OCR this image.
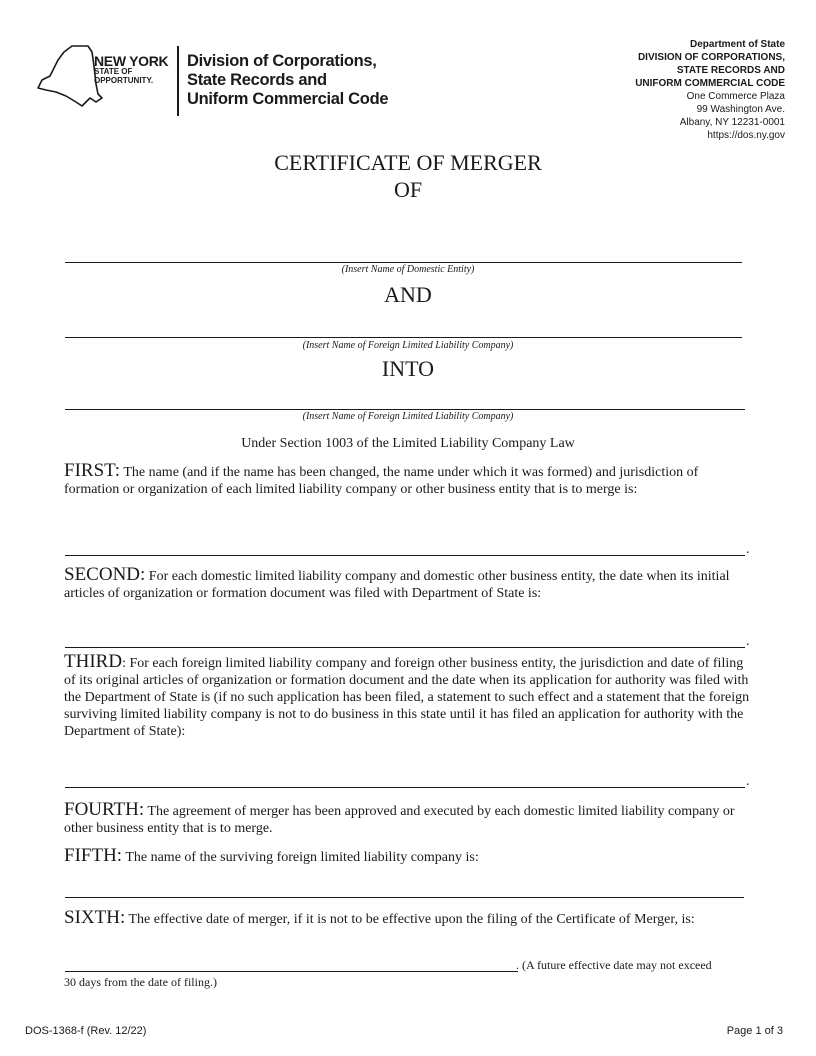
NEW YORK
STATE OF
OPPORTUNITY.
Division of Corporations,
State Records and
Uniform Commercial Code
Department of State
DIVISION OF CORPORATIONS,
STATE RECORDS AND
UNIFORM COMMERCIAL CODE
One Commerce Plaza
99 Washington Ave.
Albany, NY 12231-0001
https://dos.ny.gov
CERTIFICATE OF MERGER
OF
(Insert Name of Domestic Entity)
AND
(Insert Name of Foreign Limited Liability Company)
INTO
(Insert Name of Foreign Limited Liability Company)
Under Section 1003 of the Limited Liability Company Law
FIRST: The name (and if the name has been changed, the name under which it was formed) and jurisdiction of formation or organization of each limited liability company or other business entity that is to merge is:
.
SECOND: For each domestic limited liability company and domestic other business entity, the date when its initial articles of organization or formation document was filed with Department of State is:
.
THIRD: For each foreign limited liability company and foreign other business entity, the jurisdiction and date of filing of its original articles of organization or formation document and the date when its application for authority was filed with the Department of State is (if no such application has been filed, a statement to such effect and a statement that the foreign surviving limited liability company is not to do business in this state until it has filed an application for authority with the Department of State):
.
FOURTH: The agreement of merger has been approved and executed by each domestic limited liability company or other business entity that is to merge.
FIFTH: The name of the surviving foreign limited liability company is:
SIXTH: The effective date of merger, if it is not to be effective upon the filing of the Certificate of Merger, is:
. (A future effective date may not exceed
30 days from the date of filing.)
DOS-1368-f (Rev. 12/22)	Page 1 of 3
